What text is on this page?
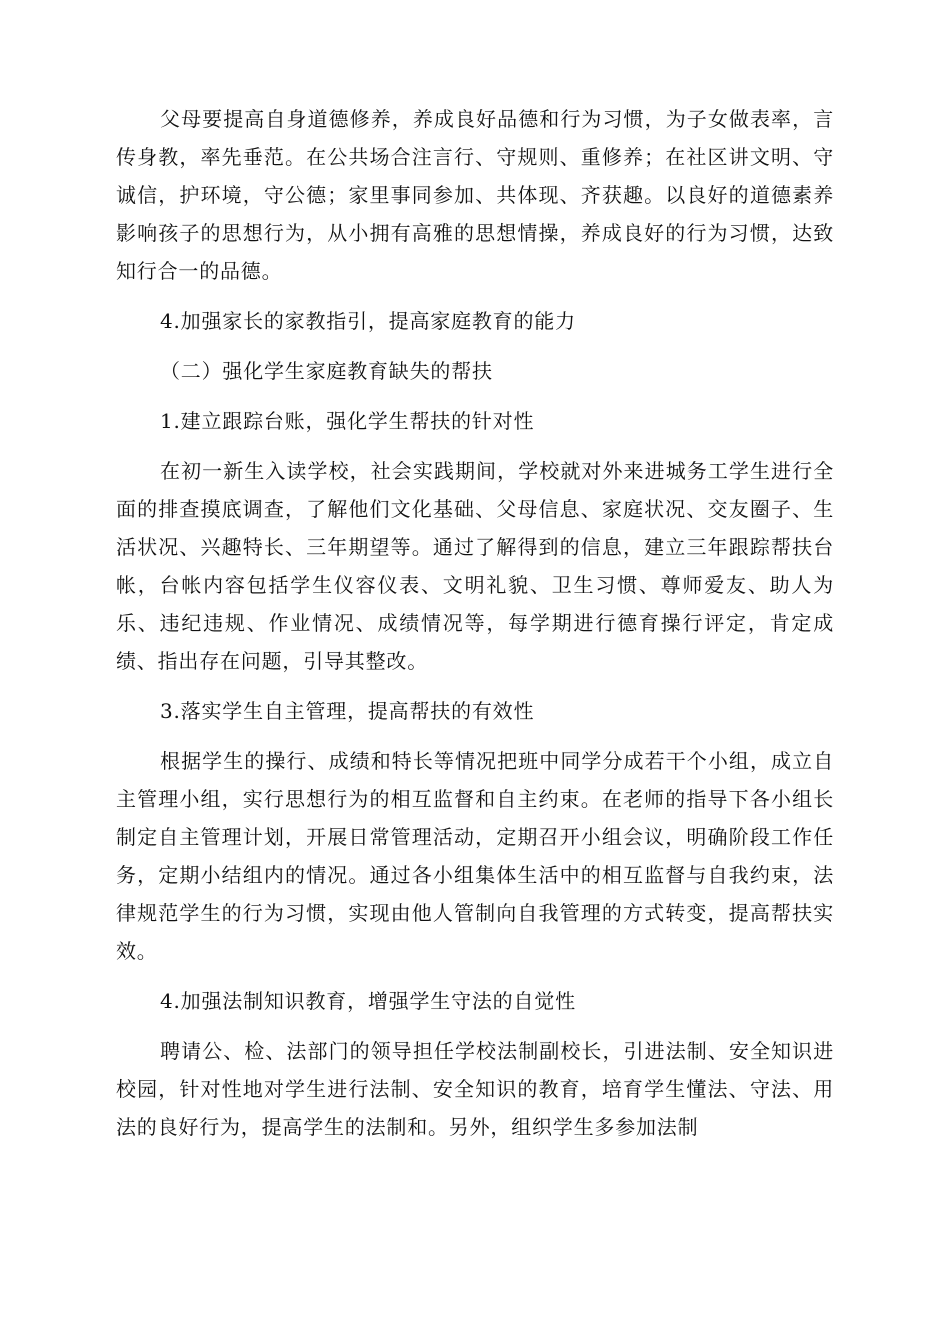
父母要提高自身道德修养，养成良好品德和行为习惯，为子女做表率，言传身教，率先垂范。在公共场合注言行、守规则、重修养；在社区讲文明、守诚信，护环境，守公德；家里事同参加、共体现、齐获趣。以良好的道德素养影响孩子的思想行为，从小拥有高雅的思想情操，养成良好的行为习惯，达致知行合一的品德。

4.加强家长的家教指引，提高家庭教育的能力

（二）强化学生家庭教育缺失的帮扶

1.建立跟踪台账，强化学生帮扶的针对性

在初一新生入读学校，社会实践期间，学校就对外来进城务工学生进行全面的排查摸底调查，了解他们文化基础、父母信息、家庭状况、交友圈子、生活状况、兴趣特长、三年期望等。通过了解得到的信息，建立三年跟踪帮扶台帐，台帐内容包括学生仪容仪表、文明礼貌、卫生习惯、尊师爱友、助人为乐、违纪违规、作业情况、成绩情况等，每学期进行德育操行评定，肯定成绩、指出存在问题，引导其整改。

3.落实学生自主管理，提高帮扶的有效性

根据学生的操行、成绩和特长等情况把班中同学分成若干个小组，成立自主管理小组，实行思想行为的相互监督和自主约束。在老师的指导下各小组长制定自主管理计划，开展日常管理活动，定期召开小组会议，明确阶段工作任务，定期小结组内的情况。通过各小组集体生活中的相互监督与自我约束，法律规范学生的行为习惯，实现由他人管制向自我管理的方式转变，提高帮扶实效。

4.加强法制知识教育，增强学生守法的自觉性

聘请公、检、法部门的领导担任学校法制副校长，引进法制、安全知识进校园，针对性地对学生进行法制、安全知识的教育，培育学生懂法、守法、用法的良好行为，提高学生的法制和。另外，组织学生多参加法制
